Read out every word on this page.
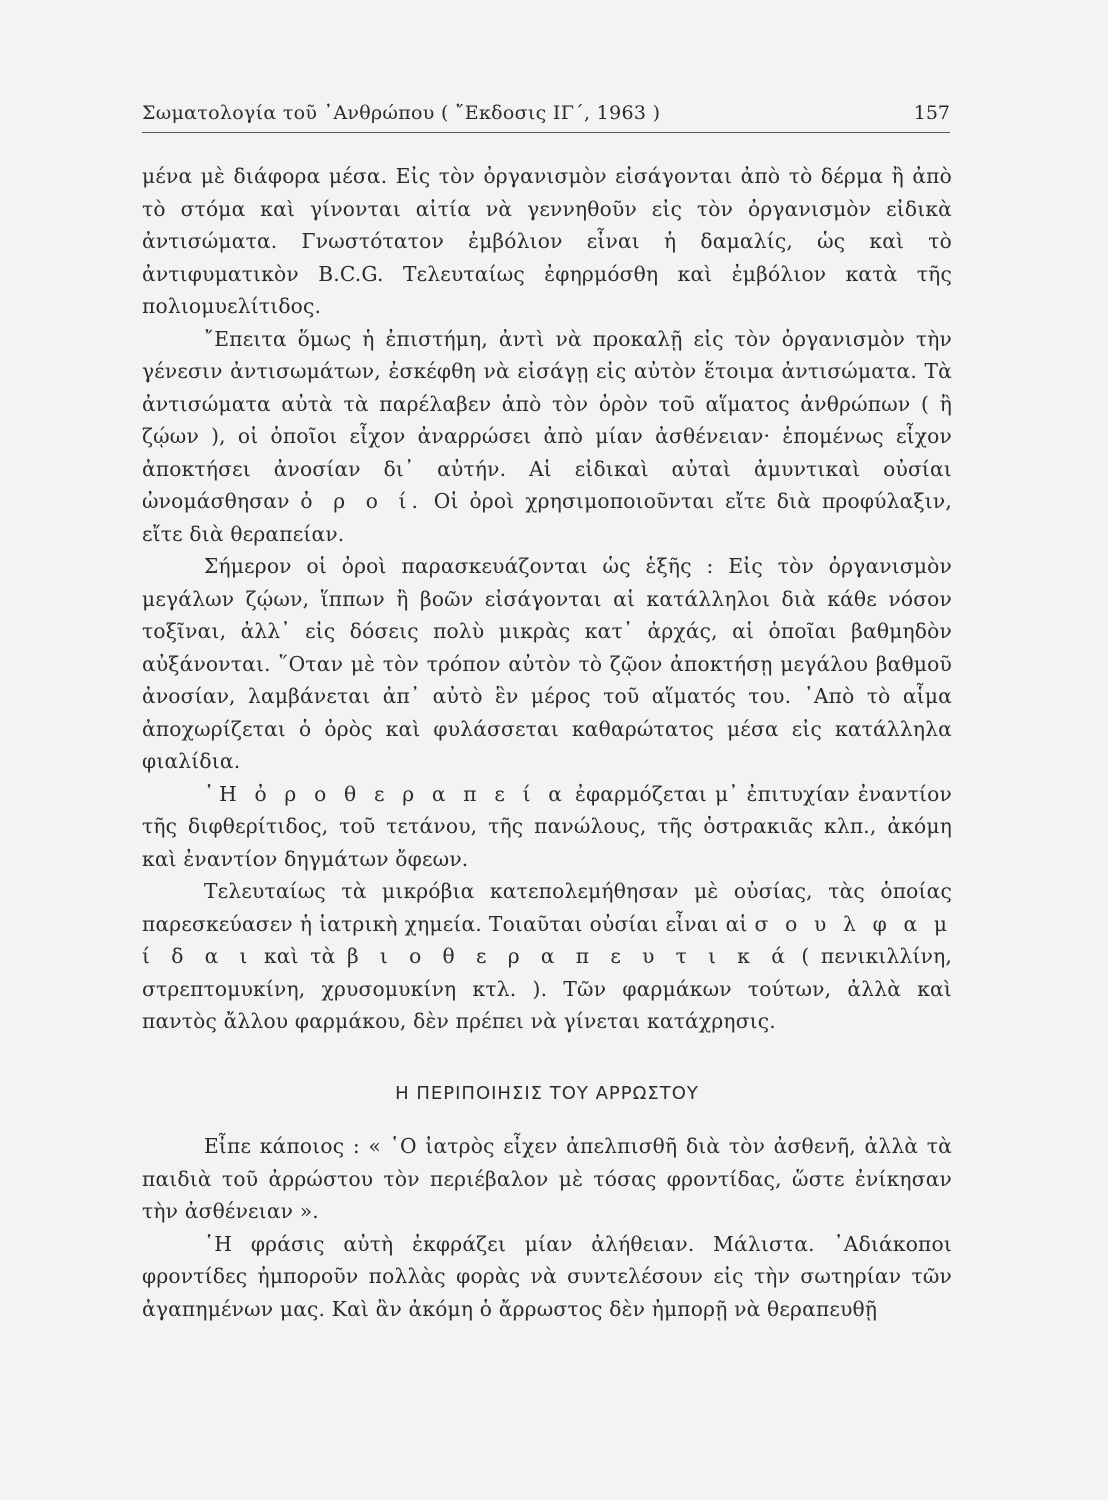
Σωματολογία τοῦ ᾿Ανθρώπου ( ῎Εκδοσις ΙΓ΄, 1963 )	157

μένα μὲ διάφορα μέσα. Εἰς τὸν ὀργανισμὸν εἰσάγονται ἀπὸ τὸ δέρμα ἢ ἀπὸ τὸ στόμα καὶ γίνονται αἰτία νὰ γεννηθοῦν εἰς τὸν ὀργανισμὸν εἰδικὰ ἀντισώματα. Γνωστότατον ἐμβόλιον εἶναι ἡ δαμαλίς, ὡς καὶ τὸ ἀντιφυματικὸν B.C.G. Τελευταίως ἐφηρμόσθη καὶ ἐμβόλιον κατὰ τῆς πολιομυελίτιδος.

῎Επειτα ὅμως ἡ ἐπιστήμη, ἀντὶ νὰ προκαλῇ εἰς τὸν ὀργανισμὸν τὴν γένεσιν ἀντισωμάτων, ἐσκέφθη νὰ εἰσάγῃ εἰς αὐτὸν ἕτοιμα ἀντισώματα. Τὰ ἀντισώματα αὐτὰ τὰ παρέλαβεν ἀπὸ τὸν ὀρὸν τοῦ αἵματος ἀνθρώπων ( ἢ ζῴων ), οἱ ὁποῖοι εἶχον ἀναρρώσει ἀπὸ μίαν ἀσθένειαν· ἑπομένως εἶχον ἀποκτήσει ἀνοσίαν δι᾿ αὐτήν. Αἱ εἰδικαὶ αὐταὶ ἀμυντικαὶ οὐσίαι ὠνομάσθησαν ὀ ρ ο ί. Οἱ ὀροὶ χρησιμοποιοῦνται εἴτε διὰ προφύλαξιν, εἴτε διὰ θεραπείαν.

Σήμερον οἱ ὀροὶ παρασκευάζονται ὡς ἑξῆς : Εἰς τὸν ὀργανισμὸν μεγάλων ζῴων, ἵππων ἢ βοῶν εἰσάγονται αἱ κατάλληλοι διὰ κάθε νόσον τοξῖναι, ἀλλ᾿ εἰς δόσεις πολὺ μικρὰς κατ᾿ ἀρχάς, αἱ ὁποῖαι βαθμηδὸν αὐξάνονται. ῞Οταν μὲ τὸν τρόπον αὐτὸν τὸ ζῷον ἀποκτήσῃ μεγάλου βαθμοῦ ἀνοσίαν, λαμβάνεται ἀπ᾿ αὐτὸ ἓν μέρος τοῦ αἵματός του. ᾿Απὸ τὸ αἷμα ἀποχωρίζεται ὁ ὀρὸς καὶ φυλάσσεται καθαρώτατος μέσα εἰς κατάλληλα φιαλίδια.

῾Η ὀ ρ ο θ ε ρ α π ε ί α ἐφαρμόζεται μ᾿ ἐπιτυχίαν ἐναντίον τῆς διφθερίτιδος, τοῦ τετάνου, τῆς πανώλους, τῆς ὀστρακιᾶς κλπ., ἀκόμη καὶ ἐναντίον δηγμάτων ὄφεων.

Τελευταίως τὰ μικρόβια κατεπολεμήθησαν μὲ οὐσίας, τὰς ὁποίας παρεσκεύασεν ἡ ἰατρικὴ χημεία. Τοιαῦται οὐσίαι εἶναι αἱ σ ο υ λ φ α μ ί δ α ι καὶ τὰ β ι ο θ ε ρ α π ε υ τ ι κ ά ( πενικιλλίνη, στρεπτομυκίνη, χρυσομυκίνη κτλ. ). Τῶν φαρμάκων τούτων, ἀλλὰ καὶ παντὸς ἄλλου φαρμάκου, δὲν πρέπει νὰ γίνεται κατάχρησις.

Η ΠΕΡΙΠΟΙΗΣΙΣ ΤΟΥ ΑΡΡΩΣΤΟΥ

Εἶπε κάποιος : « ῾Ο ἰατρὸς εἶχεν ἀπελπισθῆ διὰ τὸν ἀσθενῆ, ἀλλὰ τὰ παιδιὰ τοῦ ἀρρώστου τὸν περιέβαλον μὲ τόσας φροντίδας, ὥστε ἐνίκησαν τὴν ἀσθένειαν ».

῾Η φράσις αὐτὴ ἐκφράζει μίαν ἀλήθειαν. Μάλιστα. ᾿Αδιάκοποι φροντίδες ἠμποροῦν πολλὰς φορὰς νὰ συντελέσουν εἰς τὴν σωτηρίαν τῶν ἀγαπημένων μας. Καὶ ἂν ἀκόμη ὁ ἄρρωστος δὲν ἠμπορῇ νὰ θεραπευθῇ
